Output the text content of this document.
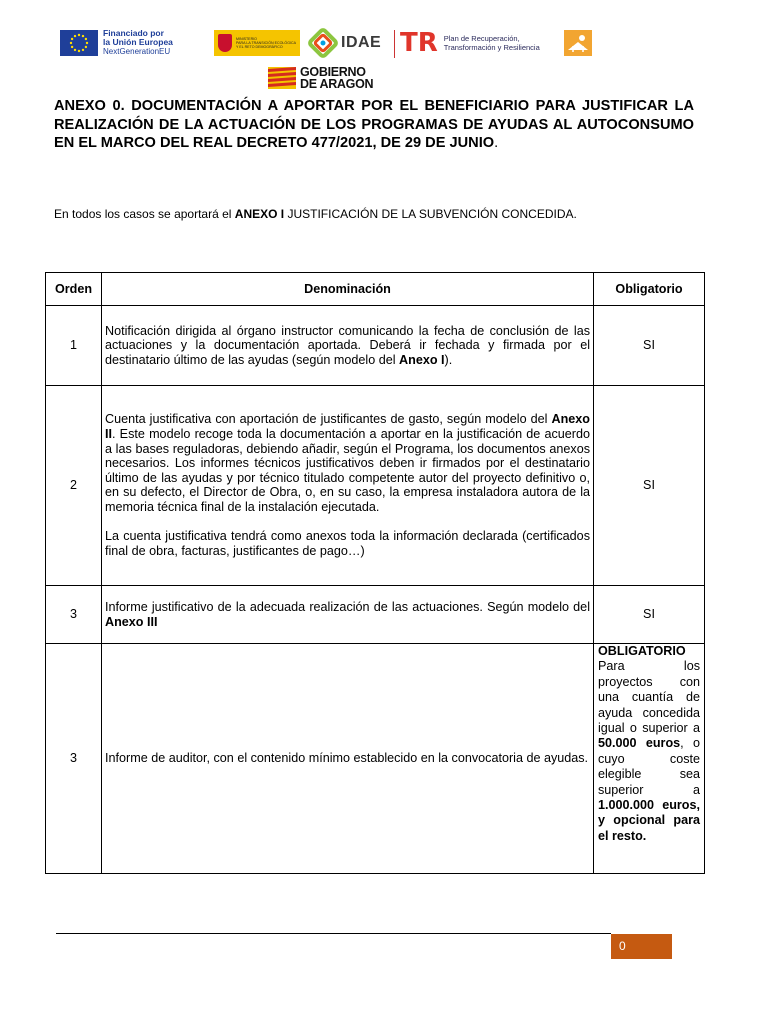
Financiado por
la Unión Europea
NextGenerationEU
MINISTERIO
PARA LA TRANSICIÓN ECOLÓGICA
Y EL RETO DEMOGRÁFICO	IDAE TR Plan de Recuperación,
Transformación y Resiliencia
GOBIERNO
DE ARAGON

ANEXO 0. DOCUMENTACIÓN A APORTAR POR EL BENEFICIARIO PARA JUSTIFICAR LA REALIZACIÓN DE LA ACTUACIÓN DE LOS PROGRAMAS DE AYUDAS AL AUTOCONSUMO EN EL MARCO DEL REAL DECRETO 477/2021, DE 29 DE JUNIO.

En todos los casos se aportará el ANEXO I JUSTIFICACIÓN DE LA SUBVENCIÓN CONCEDIDA.

Orden	Denominación	Obligatorio
1	Notificación dirigida al órgano instructor comunicando la fecha de conclusión de las actuaciones y la documentación aportada. Deberá ir fechada y firmada por el destinatario último de las ayudas (según modelo del Anexo I).	SI
2	Cuenta justificativa con aportación de justificantes de gasto, según modelo del Anexo II. Este modelo recoge toda la documentación a aportar en la justificación de acuerdo a las bases reguladoras, debiendo añadir, según el Programa, los documentos anexos necesarios. Los informes técnicos justificativos deben ir firmados por el destinatario último de las ayudas y por técnico titulado competente autor del proyecto definitivo o, en su defecto, el Director de Obra, o, en su caso, la empresa instaladora autora de la memoria técnica final de la instalación ejecutada.

La cuenta justificativa tendrá como anexos toda la información declarada (certificados final de obra, facturas, justificantes de pago…)	SI
3	Informe justificativo de la adecuada realización de las actuaciones. Según modelo del Anexo III	SI
3	Informe de auditor, con el contenido mínimo establecido en la convocatoria de ayudas.	OBLIGATORIO
Para los proyectos con una cuantía de ayuda concedida igual o superior a 50.000 euros, o cuyo coste elegible sea superior a 1.000.000 euros, y opcional para el resto.
0
